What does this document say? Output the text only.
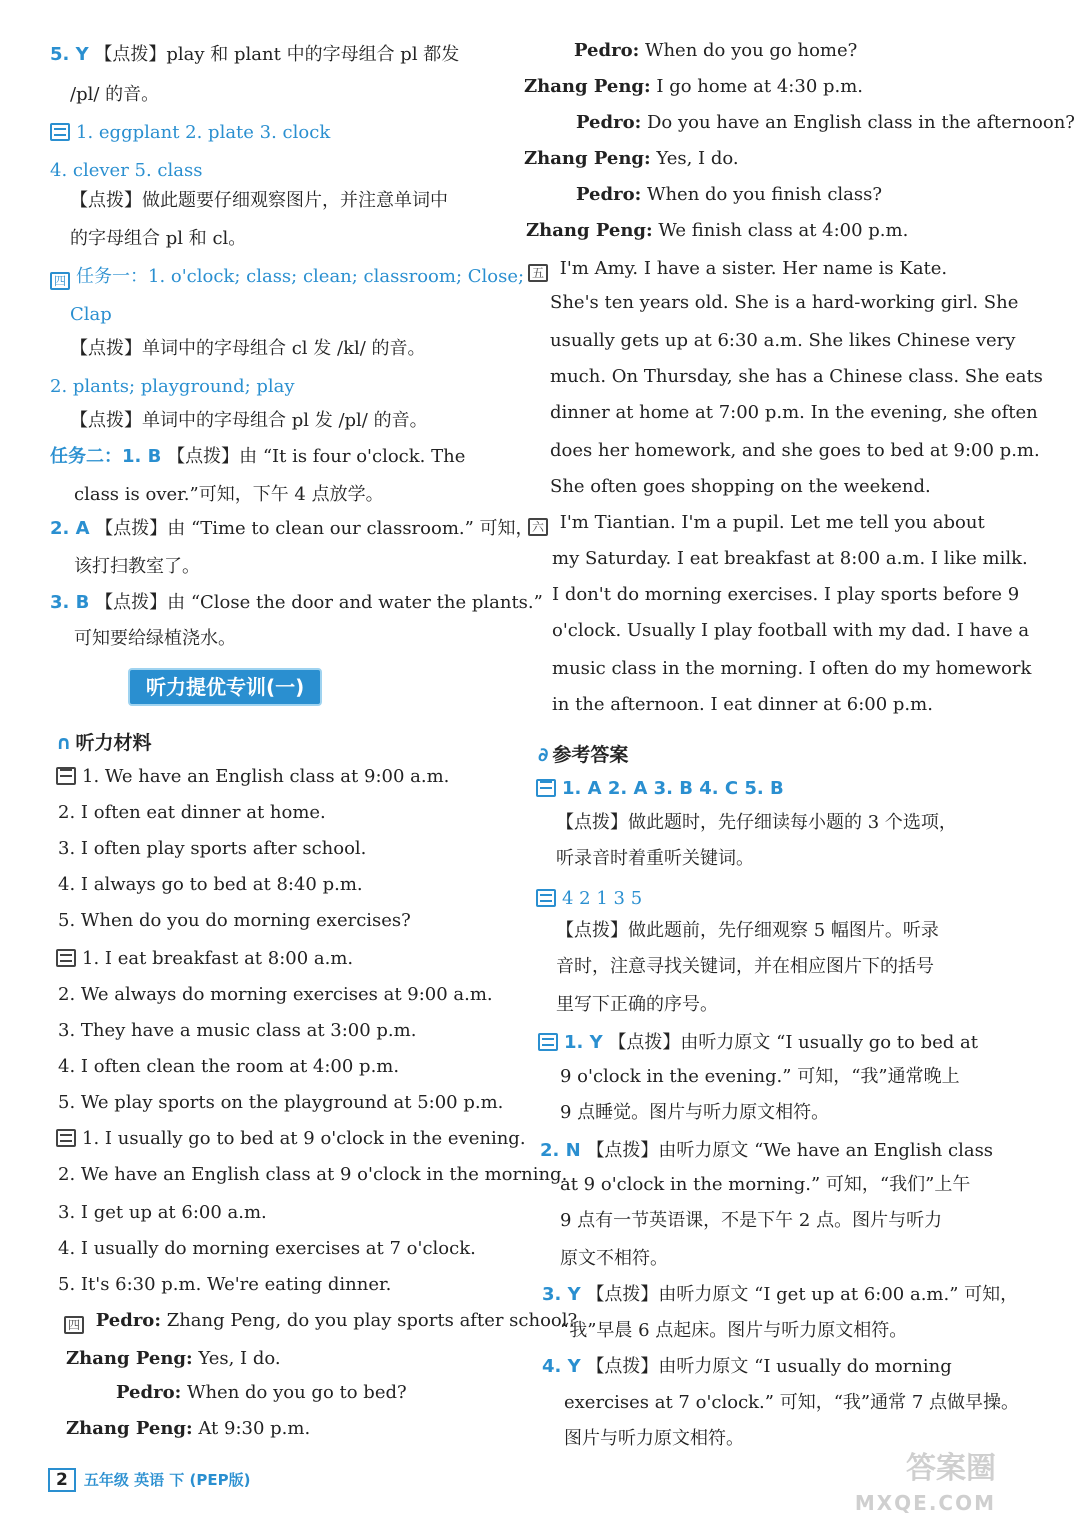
5. Y 【点拨】play 和 plant 中的字母组合 pl 都发
/pl/ 的音。
1. eggplant 2. plate 3. clock
4. clever 5. class
【点拨】做此题要仔细观察图片，并注意单词中
的字母组合 pl 和 cl。
四 任务一：1. o'clock; class; clean; classroom; Close;
Clap
【点拨】单词中的字母组合 cl 发 /kl/ 的音。
2. plants; playground; play
【点拨】单词中的字母组合 pl 发 /pl/ 的音。
任务二：1. B 【点拨】由 “It is four o'clock. The
class is over.”可知，下午 4 点放学。
2. A 【点拨】由 “Time to clean our classroom.” 可知，
该打扫教室了。
3. B 【点拨】由 “Close the door and water the plants.”
可知要给绿植浇水。
∩ 听力材料
1. We have an English class at 9:00 a.m.
2. I often eat dinner at home.
3. I often play sports after school.
4. I always go to bed at 8:40 p.m.
5. When do you do morning exercises?
1. I eat breakfast at 8:00 a.m.
2. We always do morning exercises at 9:00 a.m.
3. They have a music class at 3:00 p.m.
4. I often clean the room at 4:00 p.m.
5. We play sports on the playground at 5:00 p.m.
1. I usually go to bed at 9 o'clock in the evening.
2. We have an English class at 9 o'clock in the morning.
3. I get up at 6:00 a.m.
4. I usually do morning exercises at 7 o'clock.
5. It's 6:30 p.m. We're eating dinner.
四 Pedro: Zhang Peng, do you play sports after school?
Zhang Peng: Yes, I do.
Pedro: When do you go to bed?
Zhang Peng: At 9:30 p.m.
听力提优专训(一)
Pedro: When do you go home?
Zhang Peng: I go home at 4:30 p.m.
Pedro: Do you have an English class in the afternoon?
Zhang Peng: Yes, I do.
Pedro: When do you finish class?
Zhang Peng: We finish class at 4:00 p.m.
五 I'm Amy. I have a sister. Her name is Kate.
She's ten years old. She is a hard-working girl. She
usually gets up at 6:30 a.m. She likes Chinese very
much. On Thursday, she has a Chinese class. She eats
dinner at home at 7:00 p.m. In the evening, she often
does her homework, and she goes to bed at 9:00 p.m.
She often goes shopping on the weekend.
六 I'm Tiantian. I'm a pupil. Let me tell you about
my Saturday. I eat breakfast at 8:00 a.m. I like milk.
I don't do morning exercises. I play sports before 9
o'clock. Usually I play football with my dad. I have a
music class in the morning. I often do my homework
in the afternoon. I eat dinner at 6:00 p.m.
∂ 参考答案
1. A 2. A 3. B 4. C 5. B
【点拨】做此题时，先仔细读每小题的 3 个选项，
听录音时着重听关键词。
4 2 1 3 5
【点拨】做此题前，先仔细观察 5 幅图片。听录
音时，注意寻找关键词，并在相应图片下的括号
里写下正确的序号。
1. Y 【点拨】由听力原文 “I usually go to bed at
9 o'clock in the evening.” 可知，“我”通常晚上
9 点睡觉。图片与听力原文相符。
2. N 【点拨】由听力原文 “We have an English class
at 9 o'clock in the morning.” 可知，“我们”上午
9 点有一节英语课，不是下午 2 点。图片与听力
原文不相符。
3. Y 【点拨】由听力原文 “I get up at 6:00 a.m.” 可知，
“我”早晨 6 点起床。图片与听力原文相符。
4. Y 【点拨】由听力原文 “I usually do morning
exercises at 7 o'clock.” 可知，“我”通常 7 点做早操。
图片与听力原文相符。
2 五年级 英语 下 (PEP版)	答案圈
MXQE.COM
